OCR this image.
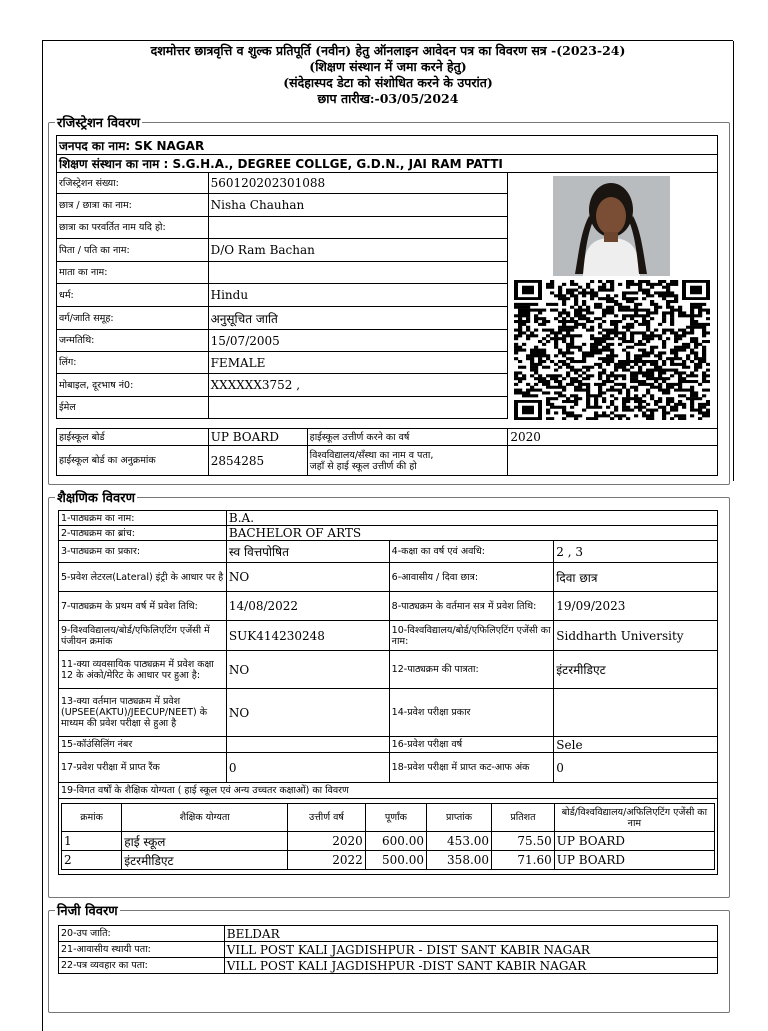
दशमोत्तर छात्रवृत्ति व शुल्क प्रतिपूर्ति (नवीन) हेतु ऑनलाइन आवेदन पत्र का विवरण सत्र -(2023-24)
(शिक्षण संस्थान में जमा करने हेतु)
(संदेहास्पद डेटा को संशोधित करने के उपरांत)
छाप तारीख:-03/05/2024
रजिस्ट्रेशन विवरण
जनपद का नाम: SK NAGAR
शिक्षण संस्थान का नाम : S.G.H.A., DEGREE COLLGE, G.D.N., JAI RAM PATTI
रजिस्ट्रेशन संख्या:	560120202301088
छात्र / छात्रा का नाम:	Nisha Chauhan
छात्रा का परवर्तित नाम यदि हो:	
पिता / पति का नाम:	D/O Ram Bachan
माता का नाम:	
धर्म:	Hindu
वर्ग/जाति समूह:	अनुसूचित जाति
जन्मतिथि:	15/07/2005
लिंग:	FEMALE
मोबाइल, दूरभाष नं0:	XXXXXX3752 ,
ईमेल	
हाईस्कूल बोर्ड	UP BOARD	हाईस्कूल उत्तीर्ण करने का वर्ष	2020
हाईस्कूल बोर्ड का अनुक्रमांक	2854285	विश्वविद्यालय/सँस्था का नाम व पता,
जहाँ से हाई स्कूल उत्तीर्ण की हो	

शैक्षणिक विवरण
1-पाठ्यक्रम का नाम:	B.A.
2-पाठ्यक्रम का ब्रांच:	BACHELOR OF ARTS
3-पाठ्यक्रम का प्रकार:	स्व वित्तपोषित	4-कक्षा का वर्ष एवं अवधि:	2 , 3
5-प्रवेश लेटरल(Lateral) इंट्री के आधार पर है	NO	6-आवासीय / दिवा छात्र:	दिवा छात्र
7-पाठ्यक्रम के प्रथम वर्ष में प्रवेश तिथि:	14/08/2022	8-पाठ्यक्रम के वर्तमान सत्र में प्रवेश तिथि:	19/09/2023
9-विश्वविद्यालय/बोर्ड/एफिलिएटिंग एजेंसी में पंजीयन क्रमांक	SUK414230248	10-विश्वविद्यालय/बोर्ड/एफिलिएटिंग एजेंसी का नाम:	Siddharth University
11-क्या व्यवसायिक पाठ्यक्रम में प्रवेश कक्षा 12 के अंको/मेरिट के आधार पर हुआ है:	NO	12-पाठ्यक्रम की पात्रता:	इंटरमीडिएट
13-क्या वर्तमान पाठ्यक्रम में प्रवेश (UPSEE(AKTU)/JEECUP/NEET) के माध्यम की प्रवेश परीक्षा से हुआ है	NO	14-प्रवेश परीक्षा प्रकार	
15-कॉउंसिलिंग नंबर		16-प्रवेश परीक्षा वर्ष	Sele
17-प्रवेश परीक्षा में प्राप्त रैंक	0	18-प्रवेश परीक्षा में प्राप्त कट-आफ अंक	0
19-विगत वर्षों के शैक्षिक योग्यता ( हाई स्कूल एवं अन्य उच्चतर कक्षाओं) का विवरण

क्रमांक	शैक्षिक योग्यता	उत्तीर्ण वर्ष	पूर्णांक	प्राप्तांक	प्रतिशत	बोर्ड/विश्वविद्यालय/अफिलिएटिंग एजेंसी का नाम
1	हाई स्कूल	2020	600.00	453.00	75.50	UP BOARD
2	इंटरमीडिएट	2022	500.00	358.00	71.60	UP BOARD
निजी विवरण
20-उप जाति:	BELDAR
21-आवासीय स्थायी पता:	VILL POST KALI JAGDISHPUR - DIST SANT KABIR NAGAR
22-पत्र व्यवहार का पता:	VILL POST KALI JAGDISHPUR -DIST SANT KABIR NAGAR
